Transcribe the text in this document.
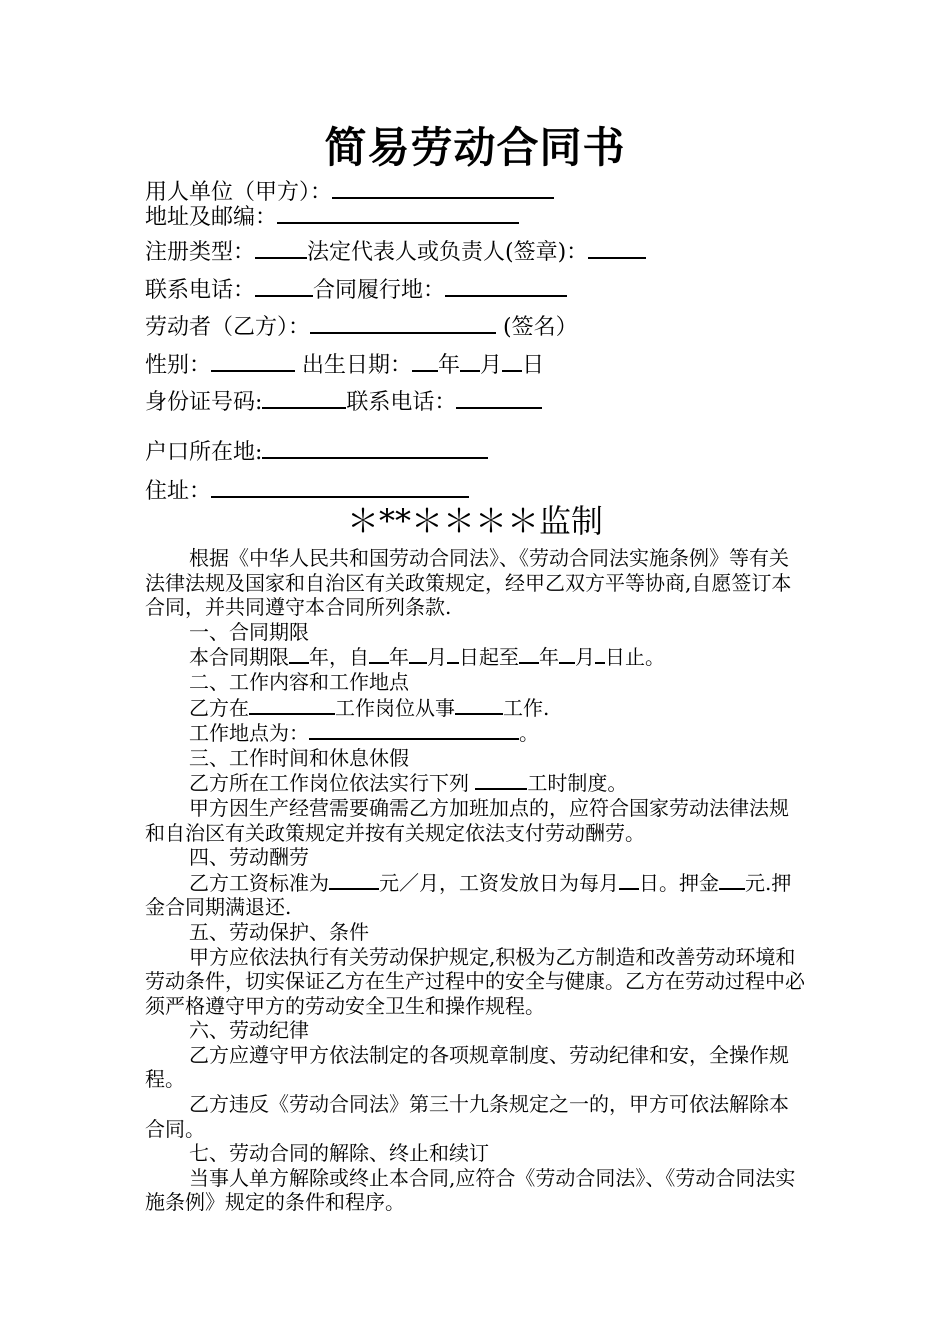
简易劳动合同书
用人单位（甲方）：
地址及邮编：
注册类型： 法定代表人或负责人(签章)：
联系电话：	合同履行地：
劳动者（乙方）：	(签名）
性别：	出生日期： 年 月 日
身份证号码:	联系电话：
户口所在地:
住址：
＊**＊＊＊＊监制

根据《中华人民共和国劳动合同法》、《劳动合同法实施条例》等有关法律法规及国家和自治区有关政策规定，经甲乙双方平等协商,自愿签订本合同，并共同遵守本合同所列条款.

一、合同期限

本合同期限 年，自 年 月 日起至 年 月 日止。

二、工作内容和工作地点

乙方在	工作岗位从事 工作.

工作地点为：	。

三、工作时间和休息休假

乙方所在工作岗位依法实行下列	工时制度。

甲方因生产经营需要确需乙方加班加点的，应符合国家劳动法律法规和自治区有关政策规定并按有关规定依法支付劳动酬劳。

四、劳动酬劳

乙方工资标准为	元／月，工资发放日为每月 日。押金 元.押金合同期满退还.

五、劳动保护、条件

甲方应依法执行有关劳动保护规定,积极为乙方制造和改善劳动环境和劳动条件，切实保证乙方在生产过程中的安全与健康。乙方在劳动过程中必须严格遵守甲方的劳动安全卫生和操作规程。

六、劳动纪律

乙方应遵守甲方依法制定的各项规章制度、劳动纪律和安，全操作规程。

乙方违反《劳动合同法》第三十九条规定之一的，甲方可依法解除本合同。

七、劳动合同的解除、终止和续订

当事人单方解除或终止本合同,应符合《劳动合同法》、《劳动合同法实施条例》规定的条件和程序。
